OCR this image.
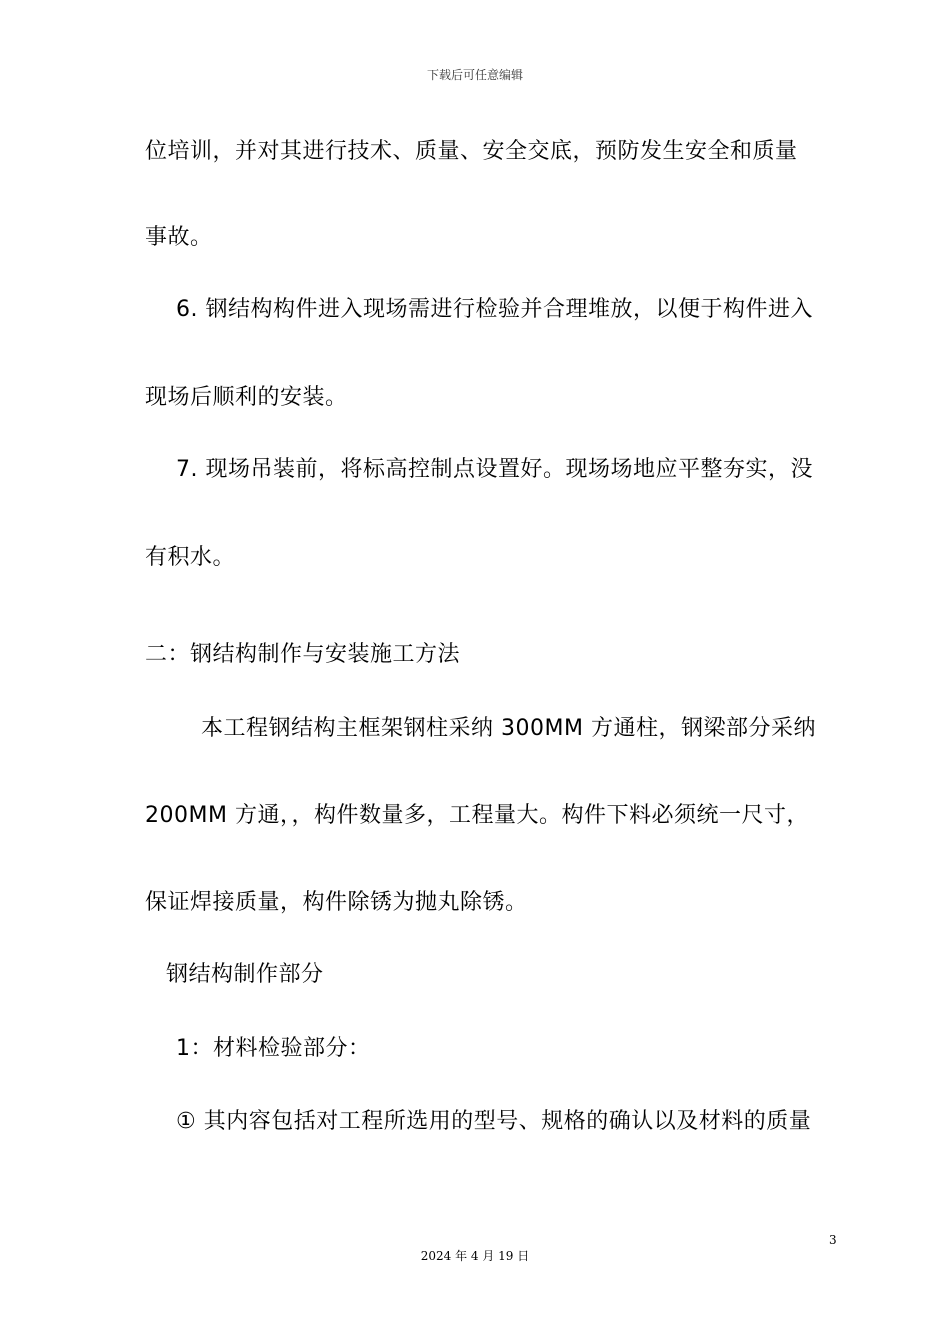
下载后可任意编辑
位培训，并对其进行技术、质量、安全交底，预防发生安全和质量
事故。
6. 钢结构构件进入现场需进行检验并合理堆放，以便于构件进入
现场后顺利的安装。
7. 现场吊装前，将标高控制点设置好。现场场地应平整夯实，没
有积水。
二：钢结构制作与安装施工方法
本工程钢结构主框架钢柱采纳 300MM 方通柱，钢梁部分采纳
200MM 方通，，构件数量多，工程量大。构件下料必须统一尺寸，
保证焊接质量，构件除锈为抛丸除锈。
钢结构制作部分
1：材料检验部分：
① 其内容包括对工程所选用的型号、规格的确认以及材料的质量
3
2024 年 4 月 19 日
